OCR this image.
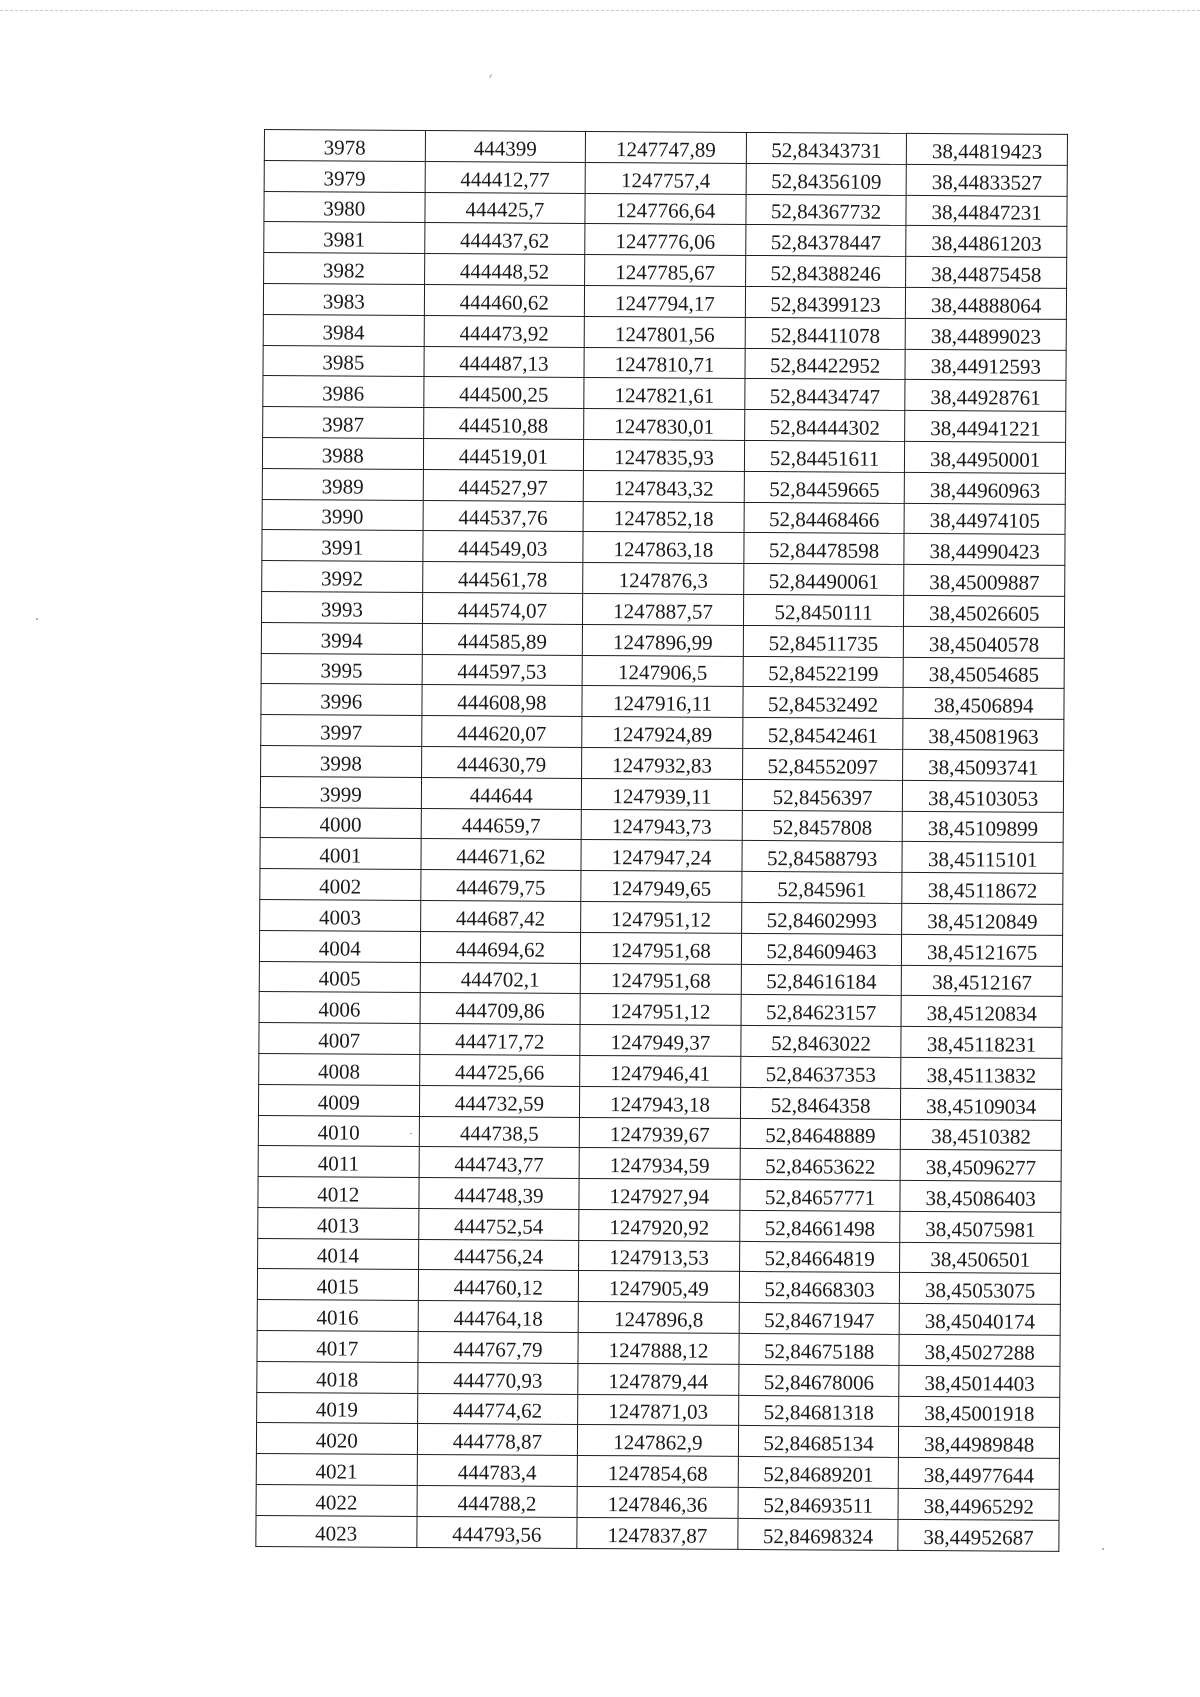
3978	444399	1247747,89	52,84343731	38,44819423
3979	444412,77	1247757,4	52,84356109	38,44833527
3980	444425,7	1247766,64	52,84367732	38,44847231
3981	444437,62	1247776,06	52,84378447	38,44861203
3982	444448,52	1247785,67	52,84388246	38,44875458
3983	444460,62	1247794,17	52,84399123	38,44888064
3984	444473,92	1247801,56	52,84411078	38,44899023
3985	444487,13	1247810,71	52,84422952	38,44912593
3986	444500,25	1247821,61	52,84434747	38,44928761
3987	444510,88	1247830,01	52,84444302	38,44941221
3988	444519,01	1247835,93	52,84451611	38,44950001
3989	444527,97	1247843,32	52,84459665	38,44960963
3990	444537,76	1247852,18	52,84468466	38,44974105
3991	444549,03	1247863,18	52,84478598	38,44990423
3992	444561,78	1247876,3	52,84490061	38,45009887
3993	444574,07	1247887,57	52,8450111	38,45026605
3994	444585,89	1247896,99	52,84511735	38,45040578
3995	444597,53	1247906,5	52,84522199	38,45054685
3996	444608,98	1247916,11	52,84532492	38,4506894
3997	444620,07	1247924,89	52,84542461	38,45081963
3998	444630,79	1247932,83	52,84552097	38,45093741
3999	444644	1247939,11	52,8456397	38,45103053
4000	444659,7	1247943,73	52,8457808	38,45109899
4001	444671,62	1247947,24	52,84588793	38,45115101
4002	444679,75	1247949,65	52,845961	38,45118672
4003	444687,42	1247951,12	52,84602993	38,45120849
4004	444694,62	1247951,68	52,84609463	38,45121675
4005	444702,1	1247951,68	52,84616184	38,4512167
4006	444709,86	1247951,12	52,84623157	38,45120834
4007	444717,72	1247949,37	52,8463022	38,45118231
4008	444725,66	1247946,41	52,84637353	38,45113832
4009	444732,59	1247943,18	52,8464358	38,45109034
4010	444738,5	1247939,67	52,84648889	38,4510382
4011	444743,77	1247934,59	52,84653622	38,45096277
4012	444748,39	1247927,94	52,84657771	38,45086403
4013	444752,54	1247920,92	52,84661498	38,45075981
4014	444756,24	1247913,53	52,84664819	38,4506501
4015	444760,12	1247905,49	52,84668303	38,45053075
4016	444764,18	1247896,8	52,84671947	38,45040174
4017	444767,79	1247888,12	52,84675188	38,45027288
4018	444770,93	1247879,44	52,84678006	38,45014403
4019	444774,62	1247871,03	52,84681318	38,45001918
4020	444778,87	1247862,9	52,84685134	38,44989848
4021	444783,4	1247854,68	52,84689201	38,44977644
4022	444788,2	1247846,36	52,84693511	38,44965292
4023	444793,56	1247837,87	52,84698324	38,44952687
